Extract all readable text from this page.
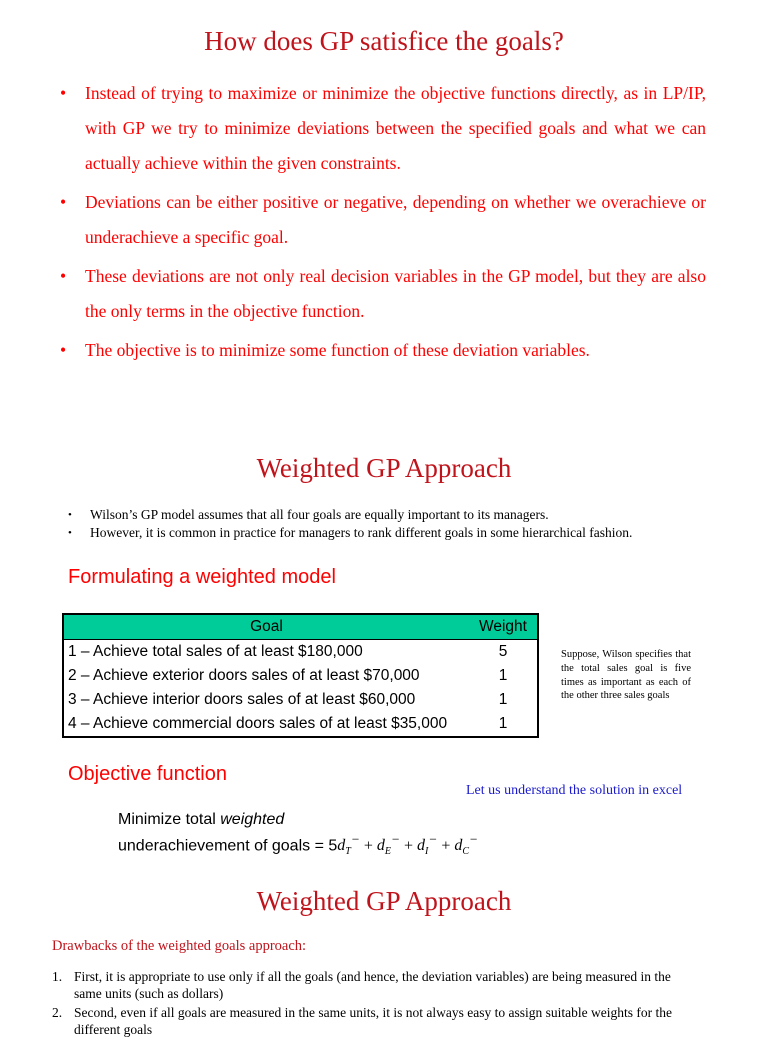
How does GP satisfice the goals?
• Instead of trying to maximize or minimize the objective functions directly, as in LP/IP, with GP we try to minimize deviations between the specified goals and what we can actually achieve within the given constraints.
• Deviations can be either positive or negative, depending on whether we overachieve or underachieve a specific goal.
• These deviations are not only real decision variables in the GP model, but they are also the only terms in the objective function.
• The objective is to minimize some function of these deviation variables.
Weighted GP Approach
• Wilson’s GP model assumes that all four goals are equally important to its managers.
• However, it is common in practice for managers to rank different goals in some hierarchical fashion.
Formulating a weighted model
Goal	Weight
1 – Achieve total sales of at least $180,000	5
2 – Achieve exterior doors sales of at least $70,000	1
3 – Achieve interior doors sales of at least $60,000	1
4 – Achieve commercial doors sales of at least $35,000	1
Suppose, Wilson specifies that the total sales goal is five times as important as each of the other three sales goals
Objective function
Let us understand the solution in excel
Minimize total weighted
underachievement of goals = $5d_T^- + d_E^- + d_I^- + d_C^-$
Weighted GP Approach
Drawbacks of the weighted goals approach:
1. First, it is appropriate to use only if all the goals (and hence, the deviation variables) are being measured in the same units (such as dollars)
2. Second, even if all goals are measured in the same units, it is not always easy to assign suitable weights for the different goals
